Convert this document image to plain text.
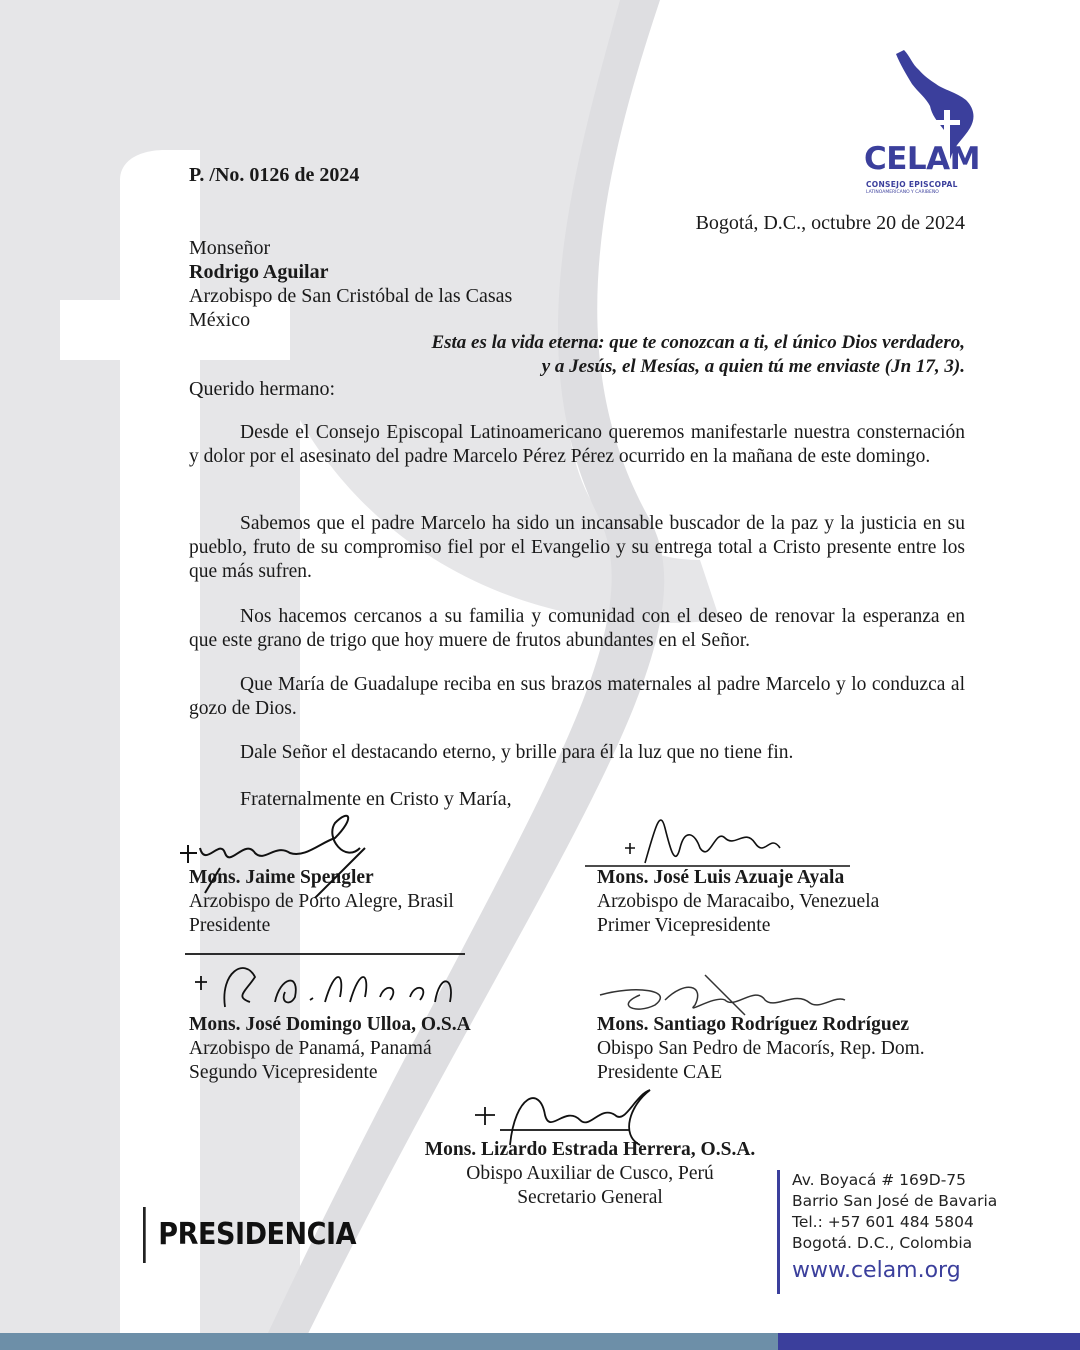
CELAM
CONSEJO EPISCOPAL
LATINOAMERICANO Y CARIBEÑO
P. /No. 0126 de 2024
Bogotá, D.C., octubre 20 de 2024
Monseñor
Rodrigo Aguilar
Arzobispo de San Cristóbal de las Casas
México
Esta es la vida eterna: que te conozcan a ti, el único Dios verdadero,
y a Jesús, el Mesías, a quien tú me enviaste (Jn 17, 3).
Querido hermano:

Desde el Consejo Episcopal Latinoamericano queremos manifestarle nuestra consternación y dolor por el asesinato del padre Marcelo Pérez Pérez ocurrido en la mañana de este domingo.

Sabemos que el padre Marcelo ha sido un incansable buscador de la paz y la justicia en su pueblo, fruto de su compromiso fiel por el Evangelio y su entrega total a Cristo presente entre los que más sufren.

Nos hacemos cercanos a su familia y comunidad con el deseo de renovar la esperanza en que este grano de trigo que hoy muere de frutos abundantes en el Señor.

Que María de Guadalupe reciba en sus brazos maternales al padre Marcelo y lo conduzca al gozo de Dios.

Dale Señor el destacando eterno, y brille para él la luz que no tiene fin.

Fraternalmente en Cristo y María,
Mons. Jaime Spengler
Arzobispo de Porto Alegre, Brasil
Presidente
Mons. José Luis Azuaje Ayala
Arzobispo de Maracaibo, Venezuela
Primer Vicepresidente
Mons. José Domingo Ulloa, O.S.A
Arzobispo de Panamá, Panamá
Segundo Vicepresidente
Mons. Santiago Rodríguez Rodríguez
Obispo San Pedro de Macorís, Rep. Dom.
Presidente CAE
Mons. Lizardo Estrada Herrera, O.S.A.
Obispo Auxiliar de Cusco, Perú
Secretario General
PRESIDENCIA
Av. Boyacá # 169D-75
Barrio San José de Bavaria
Tel.: +57 601 484 5804
Bogotá. D.C., Colombia
www.celam.org
